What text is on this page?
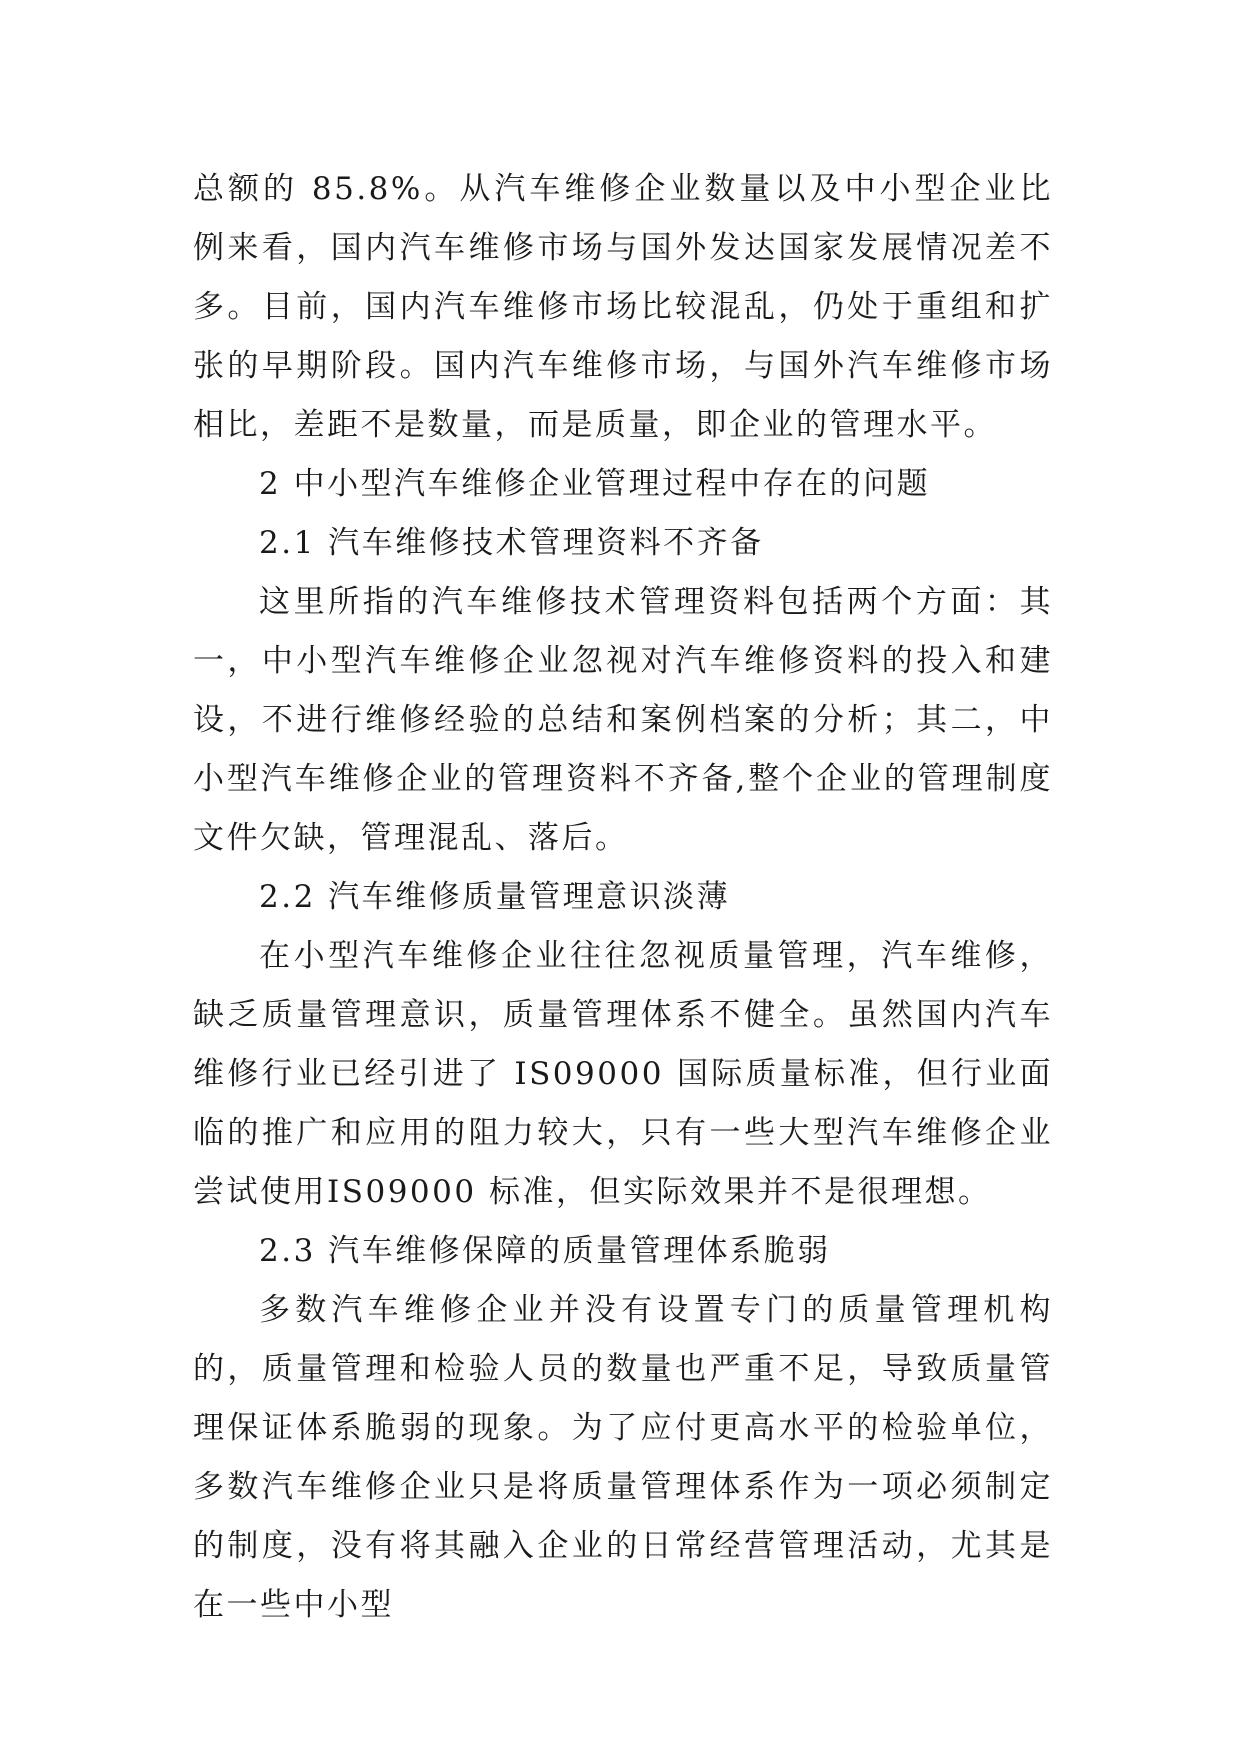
总额的 85.8%。从汽车维修企业数量以及中小型企业比例来看，国内汽车维修市场与国外发达国家发展情况差不多。目前，国内汽车维修市场比较混乱，仍处于重组和扩张的早期阶段。国内汽车维修市场，与国外汽车维修市场相比，差距不是数量，而是质量，即企业的管理水平。

2 中小型汽车维修企业管理过程中存在的问题

2.1 汽车维修技术管理资料不齐备

这里所指的汽车维修技术管理资料包括两个方面：其一，中小型汽车维修企业忽视对汽车维修资料的投入和建设，不进行维修经验的总结和案例档案的分析；其二，中小型汽车维修企业的管理资料不齐备,整个企业的管理制度文件欠缺，管理混乱、落后。

2.2 汽车维修质量管理意识淡薄

在小型汽车维修企业往往忽视质量管理，汽车维修，缺乏质量管理意识，质量管理体系不健全。虽然国内汽车维修行业已经引进了 IS09000 国际质量标准，但行业面临的推广和应用的阻力较大，只有一些大型汽车维修企业尝试使用IS09000 标准，但实际效果并不是很理想。

2.3 汽车维修保障的质量管理体系脆弱

多数汽车维修企业并没有设置专门的质量管理机构的，质量管理和检验人员的数量也严重不足，导致质量管理保证体系脆弱的现象。为了应付更高水平的检验单位，多数汽车维修企业只是将质量管理体系作为一项必须制定的制度，没有将其融入企业的日常经营管理活动，尤其是在一些中小型
